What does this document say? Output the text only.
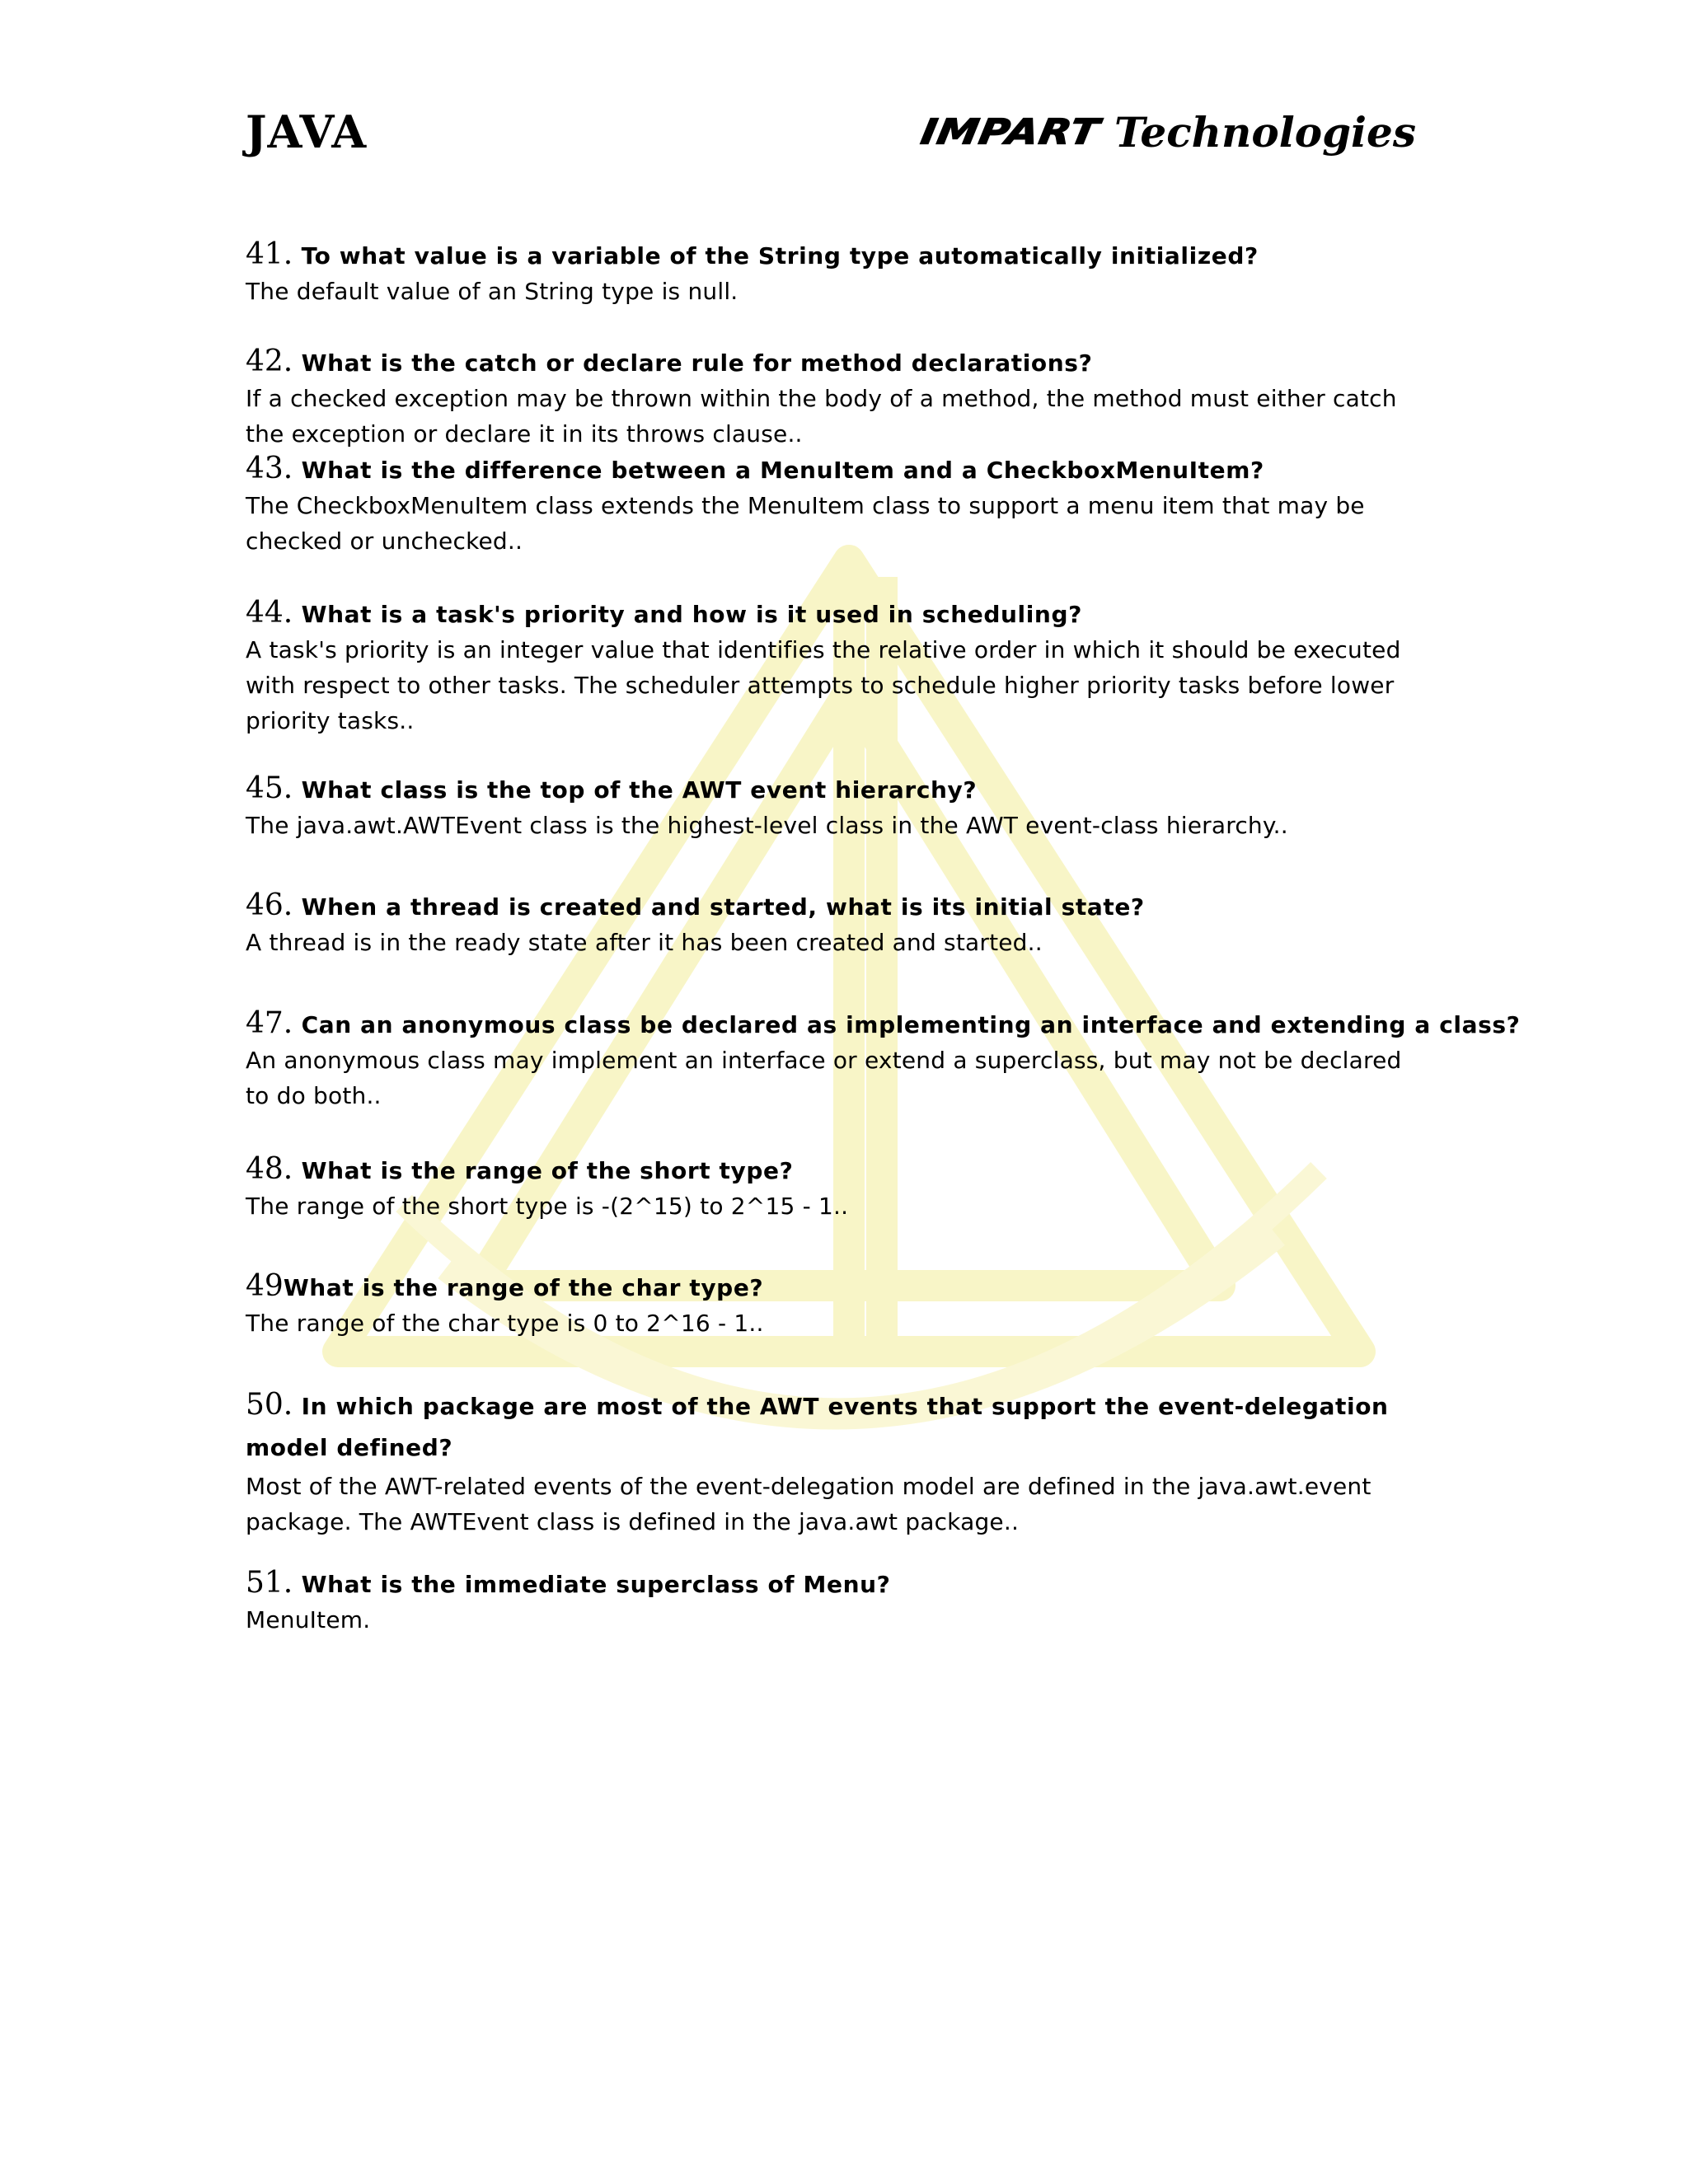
JAVA	IMPART Technologies
41. To what value is a variable of the String type automatically initialized?
The default value of an String type is null.
42. What is the catch or declare rule for method declarations?
If a checked exception may be thrown within the body of a method, the method must either catch the exception or declare it in its throws clause..
43. What is the difference between a MenuItem and a CheckboxMenuItem?
The CheckboxMenuItem class extends the MenuItem class to support a menu item that may be checked or unchecked..
44. What is a task's priority and how is it used in scheduling?
A task's priority is an integer value that identifies the relative order in which it should be executed with respect to other tasks. The scheduler attempts to schedule higher priority tasks before lower priority tasks..
45. What class is the top of the AWT event hierarchy?
The java.awt.AWTEvent class is the highest-level class in the AWT event-class hierarchy..
46. When a thread is created and started, what is its initial state?
A thread is in the ready state after it has been created and started..
47. Can an anonymous class be declared as implementing an interface and extending a class?
An anonymous class may implement an interface or extend a superclass, but may not be declared to do both..
48. What is the range of the short type?
The range of the short type is -(2^15) to 2^15 - 1..
49What is the range of the char type?
The range of the char type is 0 to 2^16 - 1..
50. In which package are most of the AWT events that support the event-delegation model defined?
Most of the AWT-related events of the event-delegation model are defined in the java.awt.event package. The AWTEvent class is defined in the java.awt package..
51. What is the immediate superclass of Menu?
MenuItem.
